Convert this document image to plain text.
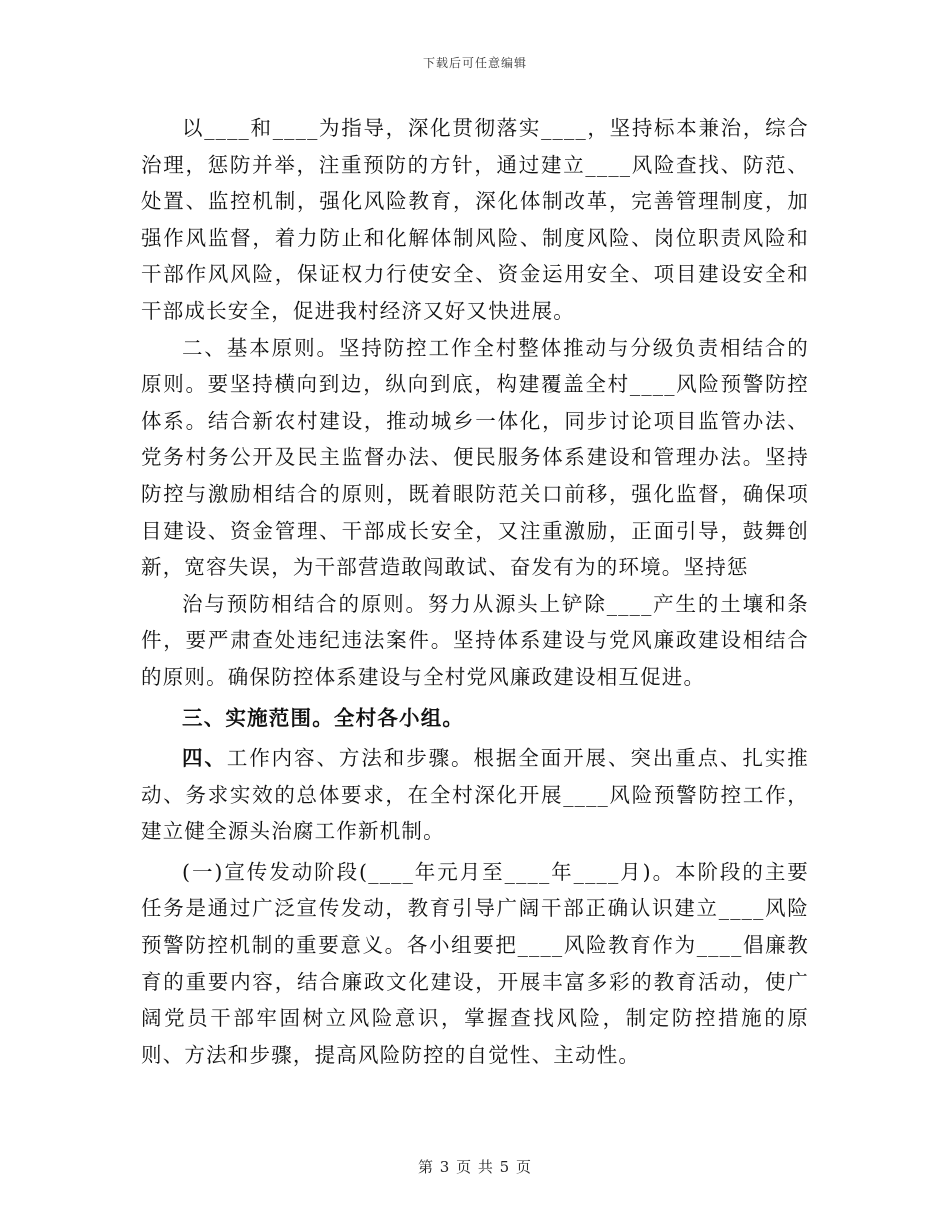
下载后可任意编辑

以____和____为指导，深化贯彻落实____，坚持标本兼治，综合治理，惩防并举，注重预防的方针，通过建立____风险查找、防范、处置、监控机制，强化风险教育，深化体制改革，完善管理制度，加强作风监督，着力防止和化解体制风险、制度风险、岗位职责风险和干部作风风险，保证权力行使安全、资金运用安全、项目建设安全和干部成长安全，促进我村经济又好又快进展。

二、基本原则。坚持防控工作全村整体推动与分级负责相结合的原则。要坚持横向到边，纵向到底，构建覆盖全村____风险预警防控体系。结合新农村建设，推动城乡一体化，同步讨论项目监管办法、党务村务公开及民主监督办法、便民服务体系建设和管理办法。坚持防控与激励相结合的原则，既着眼防范关口前移，强化监督，确保项目建设、资金管理、干部成长安全，又注重激励，正面引导，鼓舞创新，宽容失误，为干部营造敢闯敢试、奋发有为的环境。坚持惩

治与预防相结合的原则。努力从源头上铲除____产生的土壤和条件，要严肃查处违纪违法案件。坚持体系建设与党风廉政建设相结合的原则。确保防控体系建设与全村党风廉政建设相互促进。

三、实施范围。全村各小组。

四、工作内容、方法和步骤。根据全面开展、突出重点、扎实推动、务求实效的总体要求，在全村深化开展____风险预警防控工作，建立健全源头治腐工作新机制。

(一)宣传发动阶段(____年元月至____年____月)。本阶段的主要任务是通过广泛宣传发动，教育引导广阔干部正确认识建立____风险预警防控机制的重要意义。各小组要把____风险教育作为____倡廉教育的重要内容，结合廉政文化建设，开展丰富多彩的教育活动，使广阔党员干部牢固树立风险意识，掌握查找风险，制定防控措施的原则、方法和步骤，提高风险防控的自觉性、主动性。

第 3 页 共 5 页
